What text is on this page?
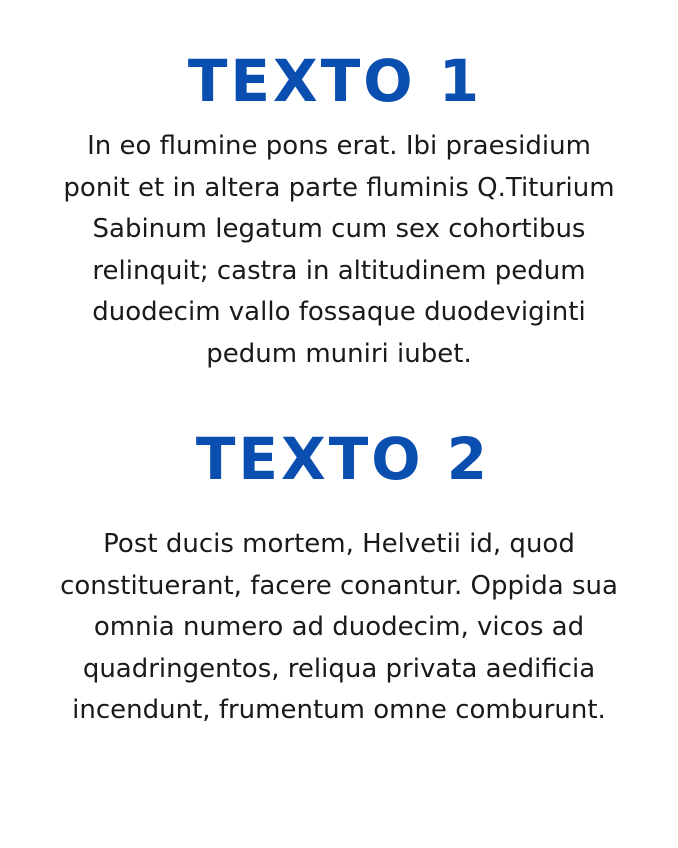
TEXTO 1

In eo flumine pons erat. Ibi praesidium ponit et in altera parte fluminis Q.Titurium Sabinum legatum cum sex cohortibus relinquit; castra in altitudinem pedum duodecim vallo fossaque duodeviginti pedum muniri iubet.

TEXTO 2

Post ducis mortem, Helvetii id, quod constituerant, facere conantur. Oppida sua omnia numero ad duodecim, vicos ad quadringentos, reliqua privata aedificia incendunt, frumentum omne comburunt.
